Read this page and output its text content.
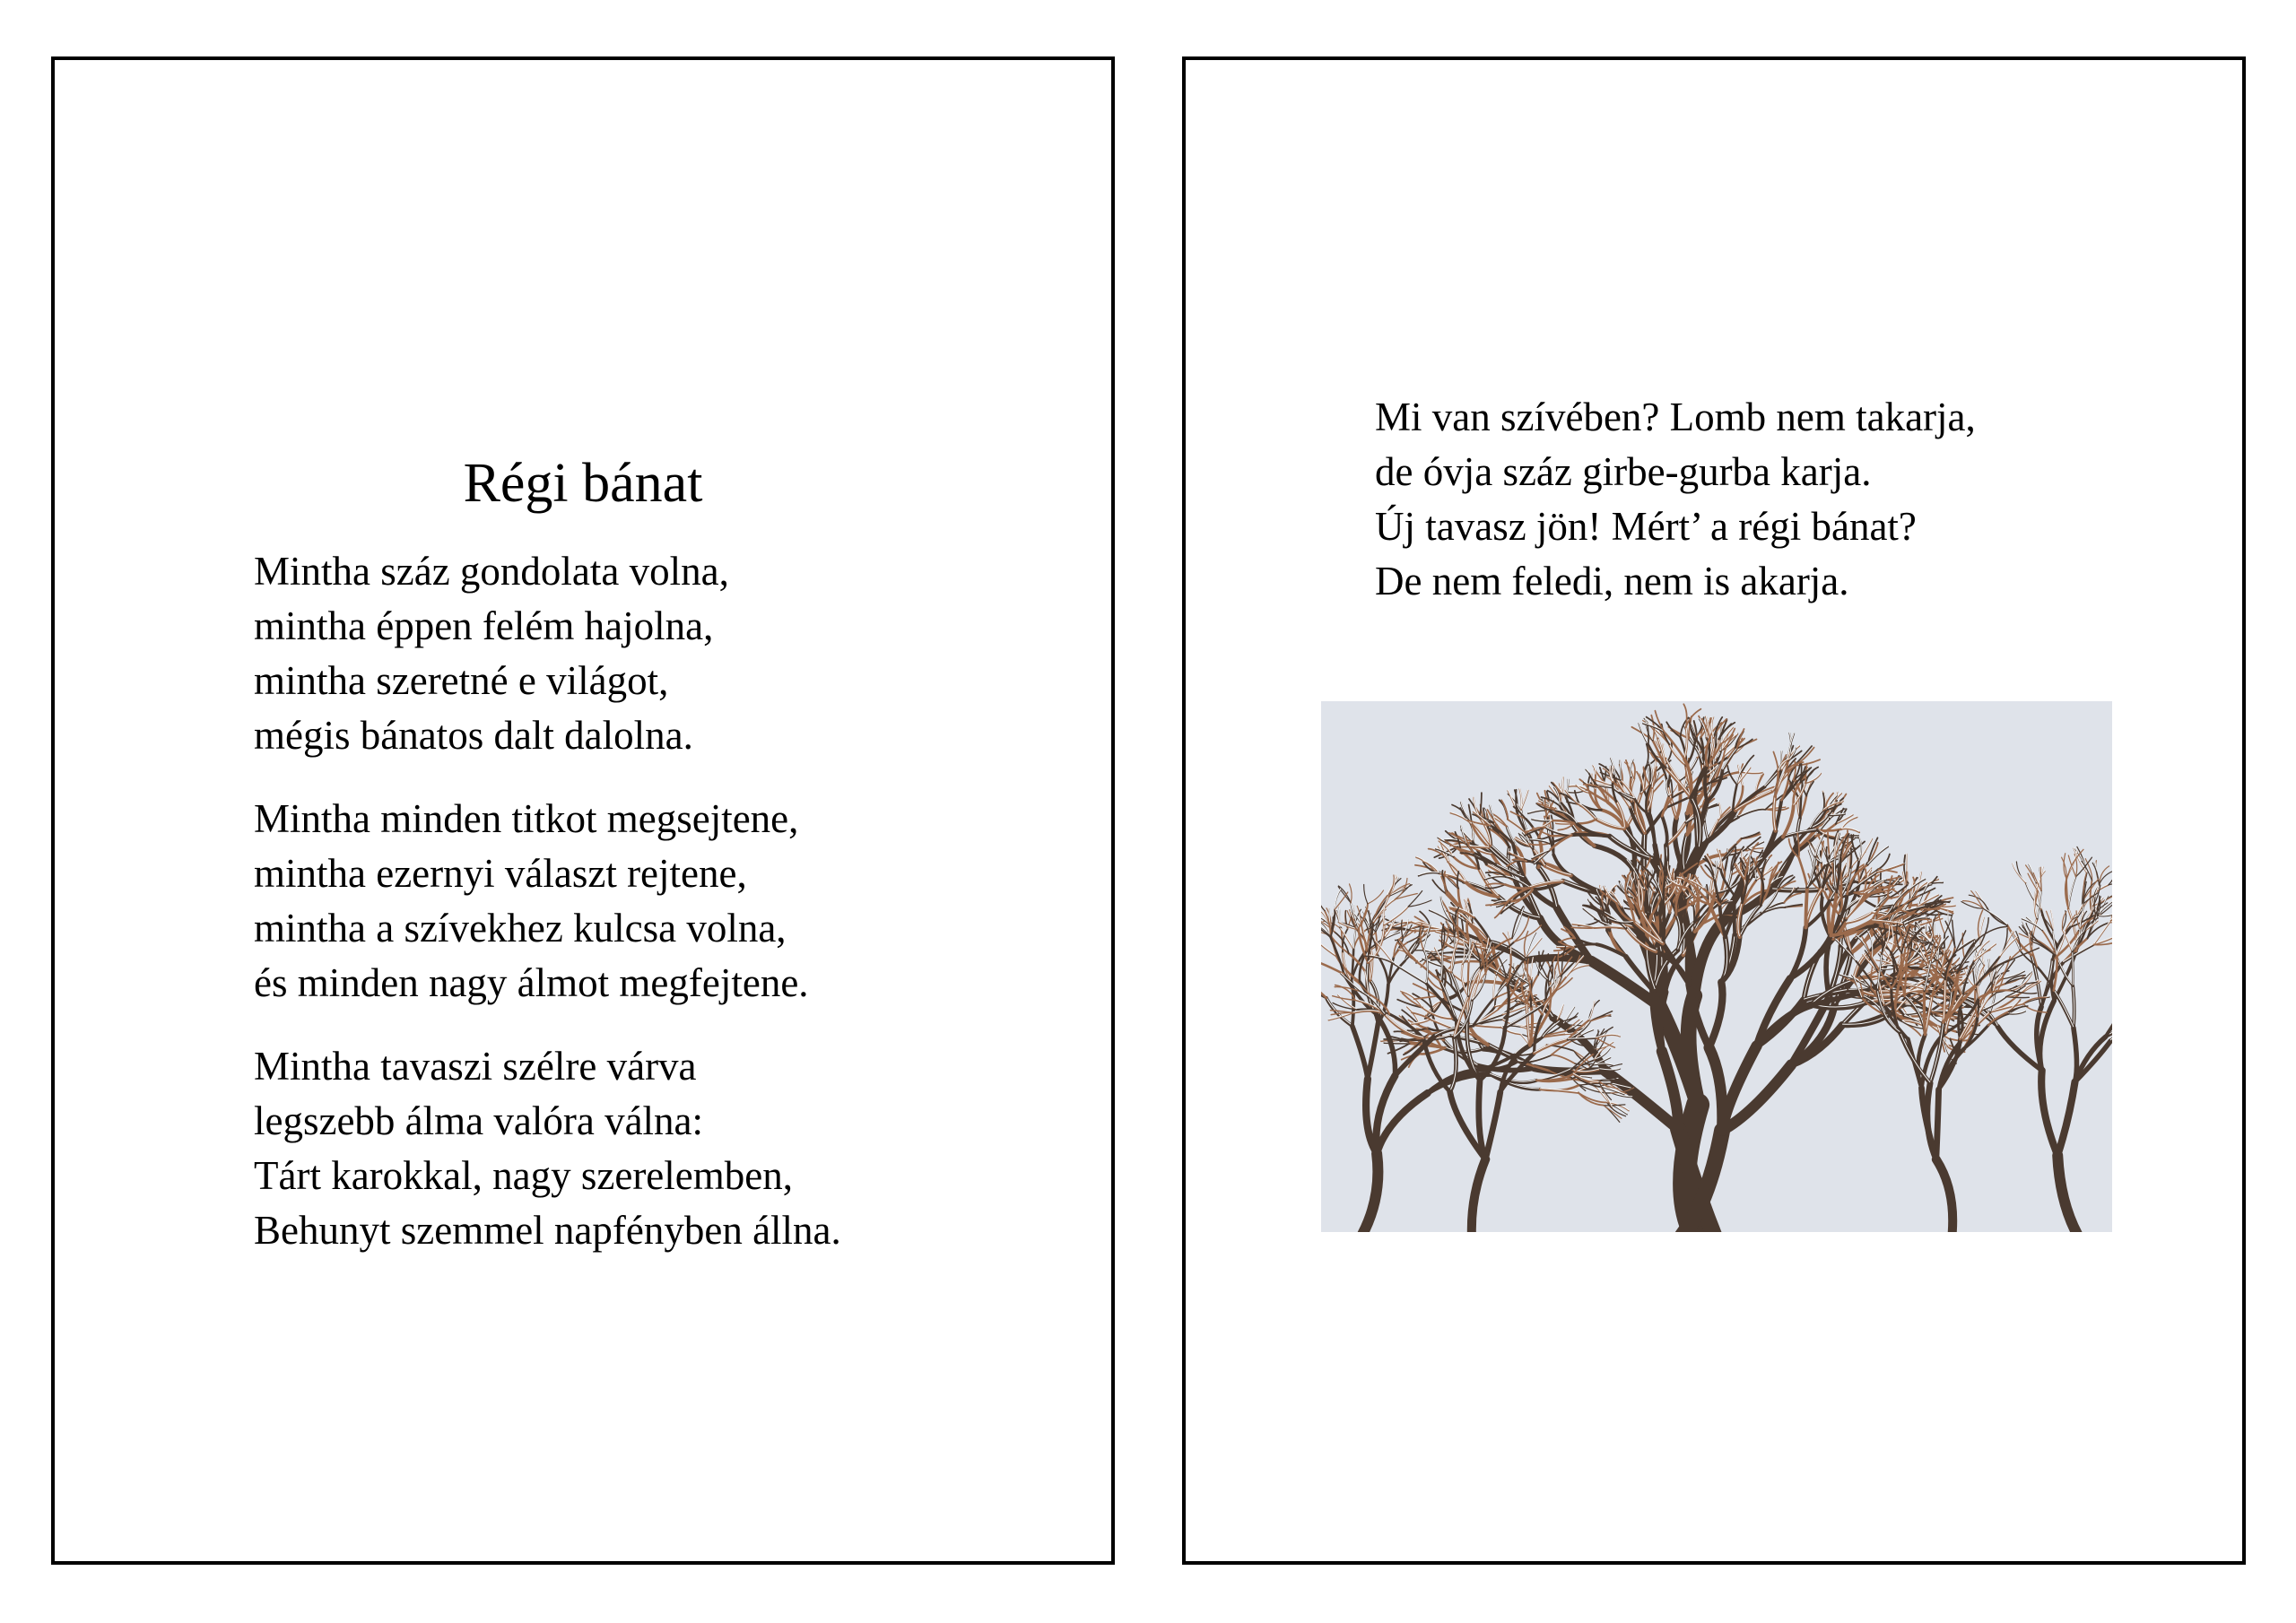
Régi bánat

Mintha száz gondolata volna,
mintha éppen felém hajolna,
mintha szeretné e világot,
mégis bánatos dalt dalolna.

Mintha minden titkot megsejtene,
mintha ezernyi választ rejtene,
mintha a szívekhez kulcsa volna,
és minden nagy álmot megfejtene.

Mintha tavaszi szélre várva
legszebb álma valóra válna:
Tárt karokkal, nagy szerelemben,
Behunyt szemmel napfényben állna.

Mi van szívében? Lomb nem takarja,
de óvja száz girbe-gurba karja.
Új tavasz jön! Mért’ a régi bánat?
De nem feledi, nem is akarja.
